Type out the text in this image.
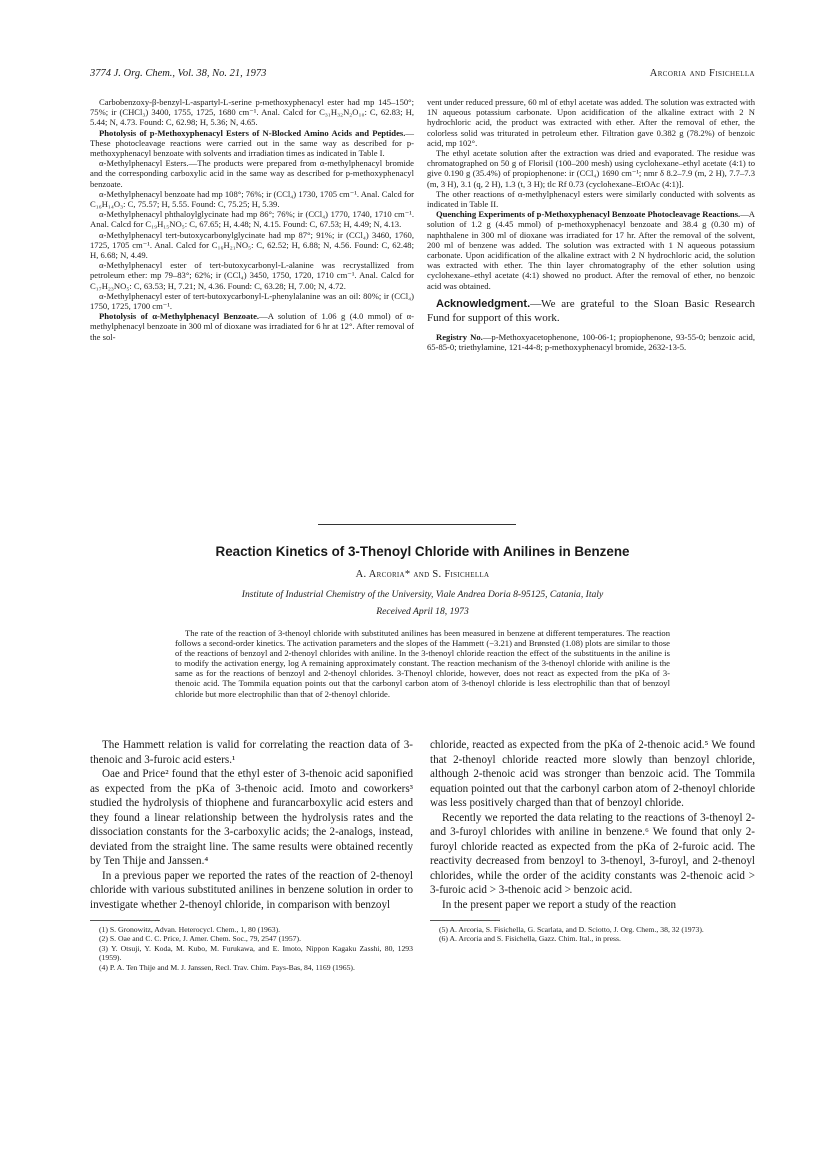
3774 J. Org. Chem., Vol. 38, No. 21, 1973	Arcoria and Fisichella

Carbobenzoxy-β-benzyl-L-aspartyl-L-serine p-methoxyphenacyl ester had mp 145–150°; 75%; ir (CHCl₃) 3400, 1755, 1725, 1680 cm⁻¹. Anal. Calcd for C₃₁H₃₂N₂O₁₀: C, 62.83; H, 5.44; N, 4.73. Found: C, 62.98; H, 5.36; N, 4.65.

Photolysis of p-Methoxyphenacyl Esters of N-Blocked Amino Acids and Peptides.—These photocleavage reactions were carried out in the same way as described for p-methoxyphenacyl benzoate with solvents and irradiation times as indicated in Table I.

α-Methylphenacyl Esters.—The products were prepared from α-methylphenacyl bromide and the corresponding carboxylic acid in the same way as described for p-methoxyphenacyl benzoate.

α-Methylphenacyl benzoate had mp 108°; 76%; ir (CCl₄) 1730, 1705 cm⁻¹. Anal. Calcd for C₁₆H₁₄O₃: C, 75.57; H, 5.55. Found: C, 75.25; H, 5.39.

α-Methylphenacyl phthaloylglycinate had mp 86°; 76%; ir (CCl₄) 1770, 1740, 1710 cm⁻¹. Anal. Calcd for C₁₉H₁₅NO₅: C, 67.65; H, 4.48; N, 4.15. Found: C, 67.53; H, 4.49; N, 4.13.

α-Methylphenacyl tert-butoxycarbonylglycinate had mp 87°; 91%; ir (CCl₄) 3460, 1760, 1725, 1705 cm⁻¹. Anal. Calcd for C₁₆H₂₁NO₅: C, 62.52; H, 6.88; N, 4.56. Found: C, 62.48; H, 6.68; N, 4.49.

α-Methylphenacyl ester of tert-butoxycarbonyl-L-alanine was recrystallized from petroleum ether: mp 79–83°; 62%; ir (CCl₄) 3450, 1750, 1720, 1710 cm⁻¹. Anal. Calcd for C₁₇H₂₃NO₅: C, 63.53; H, 7.21; N, 4.36. Found: C, 63.28; H, 7.00; N, 4.72.

α-Methylphenacyl ester of tert-butoxycarbonyl-L-phenylalanine was an oil: 80%; ir (CCl₄) 1750, 1725, 1700 cm⁻¹.

Photolysis of α-Methylphenacyl Benzoate.—A solution of 1.06 g (4.0 mmol) of α-methylphenacyl benzoate in 300 ml of dioxane was irradiated for 6 hr at 12°. After removal of the sol-

vent under reduced pressure, 60 ml of ethyl acetate was added. The solution was extracted with 1N aqueous potassium carbonate. Upon acidification of the alkaline extract with 2 N hydrochloric acid, the product was extracted with ether. After the removal of ether, the colorless solid was triturated in petroleum ether. Filtration gave 0.382 g (78.2%) of benzoic acid, mp 102°.

The ethyl acetate solution after the extraction was dried and evaporated. The residue was chromatographed on 50 g of Florisil (100–200 mesh) using cyclohexane–ethyl acetate (4:1) to give 0.190 g (35.4%) of propiophenone: ir (CCl₄) 1690 cm⁻¹; nmr δ 8.2–7.9 (m, 2 H), 7.7–7.3 (m, 3 H), 3.1 (q, 2 H), 1.3 (t, 3 H); tlc Rf 0.73 (cyclohexane–EtOAc (4:1)].

The other reactions of α-methylphenacyl esters were similarly conducted with solvents as indicated in Table II.

Quenching Experiments of p-Methoxyphenacyl Benzoate Photocleavage Reactions.—A solution of 1.2 g (4.45 mmol) of p-methoxyphenacyl benzoate and 38.4 g (0.30 m) of naphthalene in 300 ml of dioxane was irradiated for 17 hr. After the removal of the solvent, 200 ml of benzene was added. The solution was extracted with 1 N aqueous potassium carbonate. Upon acidification of the alkaline extract with 2 N hydrochloric acid, the solution was extracted with ether. The thin layer chromatography of the ether solution using cyclohexane–ethyl acetate (4:1) showed no product. After the removal of ether, no benzoic acid was obtained.

Acknowledgment.—We are grateful to the Sloan Basic Research Fund for support of this work.

Registry No.—p-Methoxyacetophenone, 100-06-1; propiophenone, 93-55-0; benzoic acid, 65-85-0; triethylamine, 121-44-8; p-methoxyphenacyl bromide, 2632-13-5.

Reaction Kinetics of 3-Thenoyl Chloride with Anilines in Benzene
A. Arcoria* and S. Fisichella
Institute of Industrial Chemistry of the University, Viale Andrea Doria 8-95125, Catania, Italy
Received April 18, 1973

The rate of the reaction of 3-thenoyl chloride with substituted anilines has been measured in benzene at different temperatures. The reaction follows a second-order kinetics. The activation parameters and the slopes of the Hammett (−3.21) and Brønsted (1.08) plots are similar to those of the reactions of benzoyl and 2-thenoyl chlorides with aniline. In the 3-thenoyl chloride reaction the effect of the substituents in the aniline is to modify the activation energy, log A remaining approximately constant. The reaction mechanism of the 3-thenoyl chloride with aniline is the same as for the reactions of benzoyl and 2-thenoyl chlorides. 3-Thenoyl chloride, however, does not react as expected from the pKa of 3-thenoic acid. The Tommila equation points out that the carbonyl carbon atom of 3-thenoyl chloride is less electrophilic than that of benzoyl chloride but more electrophilic than that of 2-thenoyl chloride.

The Hammett relation is valid for correlating the reaction data of 3-thenoic and 3-furoic acid esters.¹

Oae and Price² found that the ethyl ester of 3-thenoic acid saponified as expected from the pKa of 3-thenoic acid. Imoto and coworkers³ studied the hydrolysis of thiophene and furancarboxylic acid esters and they found a linear relationship between the hydrolysis rates and the dissociation constants for the 3-carboxylic acids; the 2-analogs, instead, deviated from the straight line. The same results were obtained recently by Ten Thije and Janssen.⁴

In a previous paper we reported the rates of the reaction of 2-thenoyl chloride with various substituted anilines in benzene solution in order to investigate whether 2-thenoyl chloride, in comparison with benzoyl

(1) S. Gronowitz, Advan. Heterocycl. Chem., 1, 80 (1963).

(2) S. Oae and C. C. Price, J. Amer. Chem. Soc., 79, 2547 (1957).

(3) Y. Otsuji, Y. Koda, M. Kubo, M. Furukawa, and E. Imoto, Nippon Kagaku Zasshi, 80, 1293 (1959).

(4) P. A. Ten Thije and M. J. Janssen, Recl. Trav. Chim. Pays-Bas, 84, 1169 (1965).

chloride, reacted as expected from the pKa of 2-thenoic acid.⁵ We found that 2-thenoyl chloride reacted more slowly than benzoyl chloride, although 2-thenoic acid was stronger than benzoic acid. The Tommila equation pointed out that the carbonyl carbon atom of 2-thenoyl chloride was less positively charged than that of benzoyl chloride.

Recently we reported the data relating to the reactions of 3-thenoyl 2- and 3-furoyl chlorides with aniline in benzene.⁶ We found that only 2-furoyl chloride reacted as expected from the pKa of 2-furoic acid. The reactivity decreased from benzoyl to 3-thenoyl, 3-furoyl, and 2-thenoyl chlorides, while the order of the acidity constants was 2-thenoic acid > 3-furoic acid > 3-thenoic acid > benzoic acid.

In the present paper we report a study of the reaction

(5) A. Arcoria, S. Fisichella, G. Scarlata, and D. Sciotto, J. Org. Chem., 38, 32 (1973).

(6) A. Arcoria and S. Fisichella, Gazz. Chim. Ital., in press.
